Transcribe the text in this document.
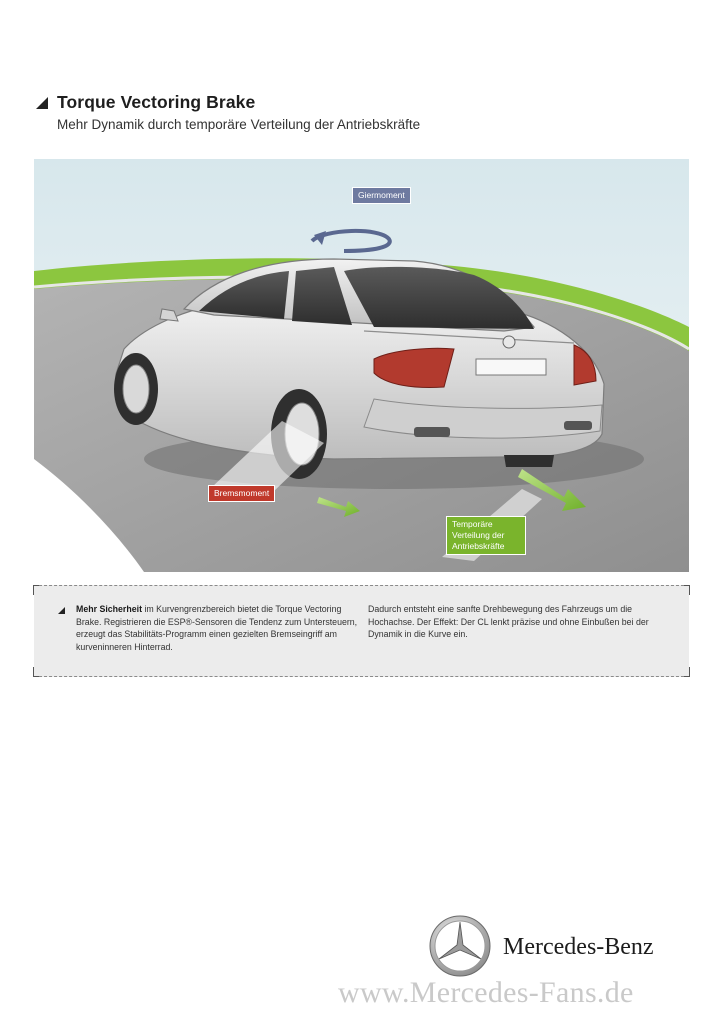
Torque Vectoring Brake
Mehr Dynamik durch temporäre Verteilung der Antriebskräfte
Giermoment
Bremsmoment
Temporäre
Verteilung der
Antriebskräfte
Mehr Sicherheit im Kurvengrenzbereich bietet die Torque Vectoring Brake. Registrieren die ESP®-Sensoren die Tendenz zum Untersteuern, erzeugt das Stabilitäts-Programm einen gezielten Bremseingriff am kurveninneren Hinterrad.
Dadurch entsteht eine sanfte Drehbewegung des Fahrzeugs um die Hochachse. Der Effekt: Der CL lenkt präzise und ohne Einbußen bei der Dynamik in die Kurve ein.
Mercedes-Benz
www.Mercedes-Fans.de
